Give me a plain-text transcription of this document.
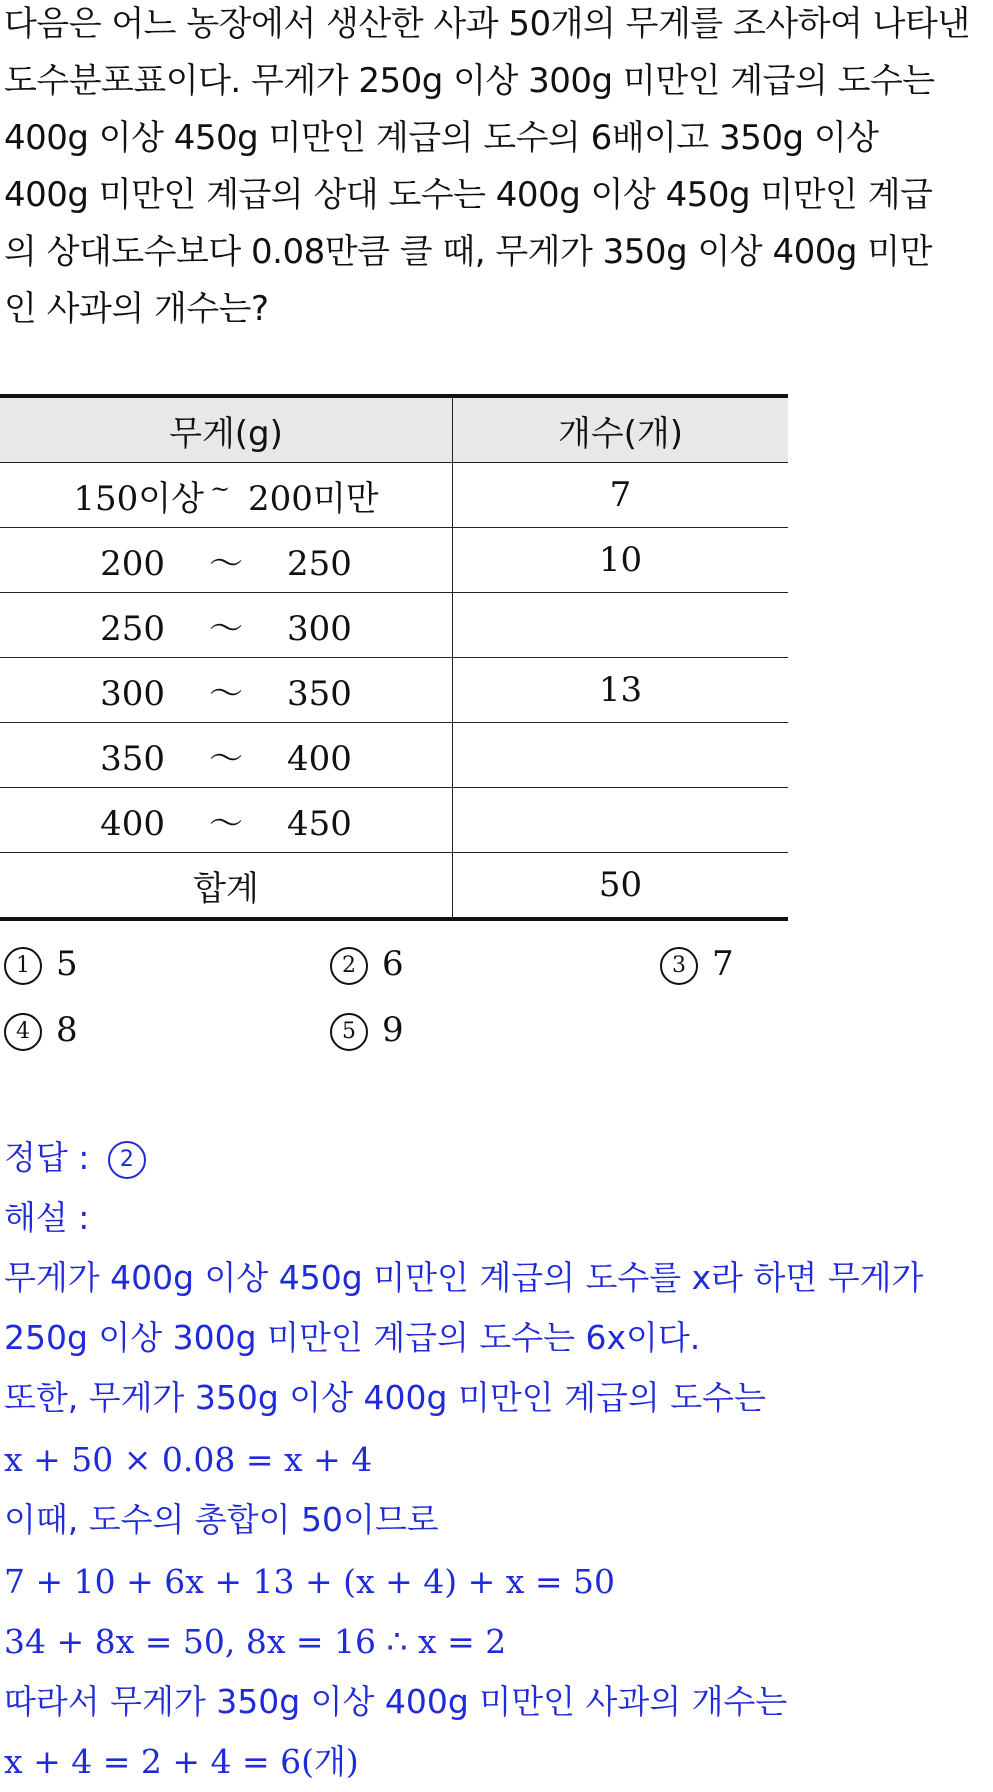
다음은 어느 농장에서 생산한 사과 50개의 무게를 조사하여 나타낸
도수분포표이다. 무게가 250g 이상 300g 미만인 계급의 도수는
400g 이상 450g 미만인 계급의 도수의 6배이고 350g 이상
400g 미만인 계급의 상대 도수는 400g 이상 450g 미만인 계급
의 상대도수보다 0.08만큼 클 때, 무게가 350g 이상 400g 미만
인 사과의 개수는?
무게(g)	개수(개)
150이상 ~ 200미만	7
200 ～ 250	10
250 ～ 300	
300 ～ 350	13
350 ～ 400	
400 ～ 450	
합계	50
1 5	2 6	3 7
4 8	5 9
정답 : 2
해설 :
무게가 400g 이상 450g 미만인 계급의 도수를 x라 하면 무게가
250g 이상 300g 미만인 계급의 도수는 6x이다.
또한, 무게가 350g 이상 400g 미만인 계급의 도수는
x + 50 × 0.08 = x + 4
이때, 도수의 총합이 50이므로
7 + 10 + 6x + 13 + (x + 4) + x = 50
34 + 8x = 50, 8x = 16 ∴ x = 2
따라서 무게가 350g 이상 400g 미만인 사과의 개수는
x + 4 = 2 + 4 = 6(개)
